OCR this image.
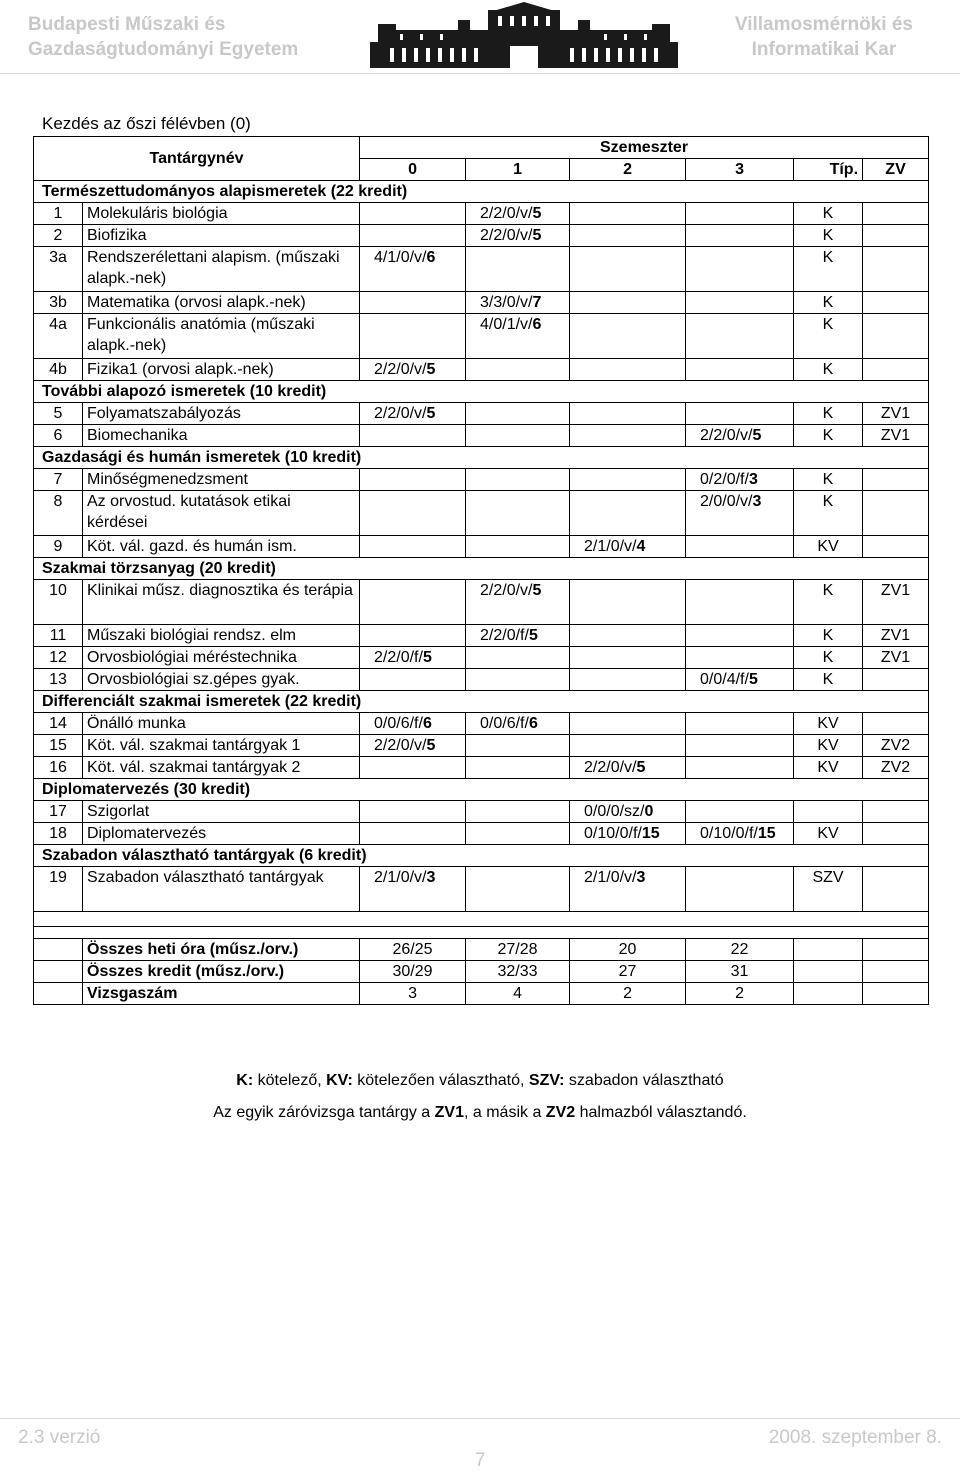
Budapesti Műszaki és
Gazdaságtudományi Egyetem
Villamosmérnöki és
Informatikai Kar
Kezdés az őszi félévben (0)
Tantárgynév		Szemeszter					
		0	1	2	3	Típ.	ZV
Természettudományos alapismeretek (22 kredit)							
1	Molekuláris biológia		2/2/0/v/5			K	
2	Biofizika		2/2/0/v/5			K	
3a	Rendszerélettani alapism. (műszaki alapk.-nek)	4/1/0/v/6				K	
3b	Matematika (orvosi alapk.-nek)		3/3/0/v/7			K	
4a	Funkcionális anatómia (műszaki alapk.-nek)		4/0/1/v/6			K	
4b	Fizika1 (orvosi alapk.-nek)	2/2/0/v/5				K	
További alapozó ismeretek (10 kredit)							
5	Folyamatszabályozás	2/2/0/v/5				K	ZV1
6	Biomechanika				2/2/0/v/5	K	ZV1
Gazdasági és humán ismeretek (10 kredit)							
7	Minőségmenedzsment				0/2/0/f/3	K	
8	Az orvostud. kutatások etikai kérdései				2/0/0/v/3	K	
9	Köt. vál. gazd. és humán ism.			2/1/0/v/4		KV	
Szakmai törzsanyag (20 kredit)							
10	Klinikai műsz. diagnosztika és terápia		2/2/0/v/5			K	ZV1
11	Műszaki biológiai rendsz. elm		2/2/0/f/5			K	ZV1
12	Orvosbiológiai méréstechnika	2/2/0/f/5				K	ZV1
13	Orvosbiológiai sz.gépes gyak.				0/0/4/f/5	K	
Differenciált szakmai ismeretek (22 kredit)							
14	Önálló munka	0/0/6/f/6	0/0/6/f/6			KV	
15	Köt. vál. szakmai tantárgyak 1	2/2/0/v/5				KV	ZV2
16	Köt. vál. szakmai tantárgyak 2			2/2/0/v/5		KV	ZV2
Diplomatervezés (30 kredit)							
17	Szigorlat			0/0/0/sz/0			
18	Diplomatervezés			0/10/0/f/15	0/10/0/f/15	KV	
Szabadon választható tantárgyak (6 kredit)							
19	Szabadon választható tantárgyak	2/1/0/v/3		2/1/0/v/3		SZV	

	Összes heti óra (műsz./orv.)	26/25	27/28	20	22		
	Összes kredit (műsz./orv.)	30/29	32/33	27	31		
	Vizsgaszám	3	4	2	2		
K: kötelező, KV: kötelezően választható, SZV: szabadon választható
Az egyik záróvizsga tantárgy a ZV1, a másik a ZV2 halmazból választandó.
2.3 verzió	2008. szeptember 8.
7
